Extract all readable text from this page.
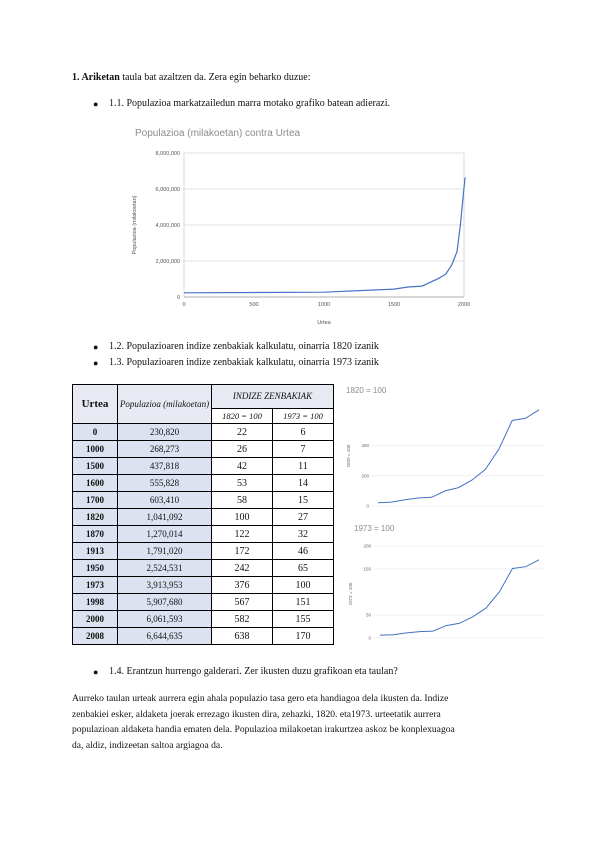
1. Ariketan taula bat azaltzen da. Zera egin beharko duzue:
● 1.1. Populazioa markatzailedun marra motako grafiko batean adierazi.
Populazioa (milakoetan) contra Urtea
0
2,000,000
4,000,000
6,000,000
8,000,000
0	500	1000	1500	2000
Urtea
Populazioa (milakoetan)
● 1.2. Populazioaren indize zenbakiak kalkulatu, oinarria 1820 izanik
● 1.3. Populazioaren indize zenbakiak kalkulatu, oinarria 1973 izanik
Urtea	Populazioa (milakoetan)	INDIZE ZENBAKIAK	
		1820 = 100	1973 = 100
0	230,820	22	6
1000	268,273	26	7
1500	437,818	42	11
1600	555,828	53	14
1700	603,410	58	15
1820	1,041,092	100	27
1870	1,270,014	122	32
1913	1,791,020	172	46
1950	2,524,531	242	65
1973	3,913,953	376	100
1998	5,907,680	567	151
2000	6,061,593	582	155
2008	6,644,635	638	170
1820 = 100
0
200
400
1820 = 100
1973 = 100
0
50
150
200
1973 = 100
● 1.4. Erantzun hurrengo galderari. Zer ikusten duzu grafikoan eta taulan?
Aurreko taulan urteak aurrera egin ahala populazio tasa gero eta handiagoa dela ikusten da. Indize
zenbakiei esker, aldaketa joerak errezago ikusten dira, zehazki, 1820. eta1973. urteetatik aurrera
populazioan aldaketa handia ematen dela. Populazioa milakoetan irakurtzea askoz be konplexuagoa
da, aldiz, indizeetan saltoa argiagoa da.
